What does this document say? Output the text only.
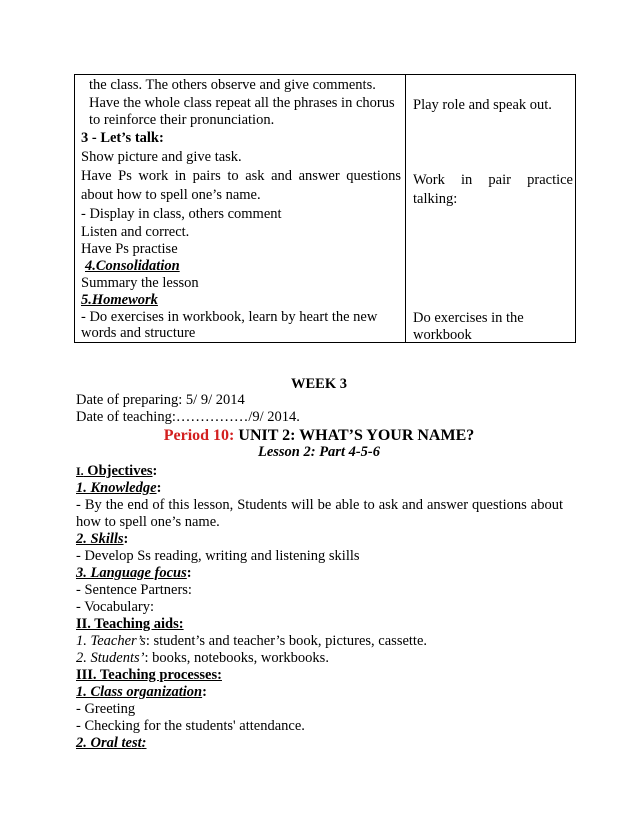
the class. The others observe and give comments.
Have the whole class repeat all the phrases in chorus
to reinforce their pronunciation.
3 - Let’s talk:
Show picture and give task.
Have Ps work in pairs to ask and answer questions
about how to spell one’s name.
- Display in class, others comment
Listen and correct.
Have Ps practise
4.Consolidation
Summary the lesson
5.Homework
- Do exercises in workbook, learn by heart the new
words and structure
Play role and speak out.
Work in pair practice
talking:
Do exercises in the
workbook
WEEK 3
Date of preparing: 5/ 9/ 2014
Date of teaching:……………/9/ 2014.
Period 10: UNIT 2: WHAT’S YOUR NAME?
Lesson 2: Part 4-5-6
I. Objectives:
1. Knowledge:
- By the end of this lesson, Students will be able to ask and answer questions about
how to spell one’s name.
2. Skills:
- Develop Ss reading, writing and listening skills
3. Language focus:
- Sentence Partners:
- Vocabulary:
II. Teaching aids:
1. Teacher’s: student’s and teacher’s book, pictures, cassette.
2. Students’: books, notebooks, workbooks.
III. Teaching processes:
1. Class organization:
- Greeting
- Checking for the students' attendance.
2. Oral test:
